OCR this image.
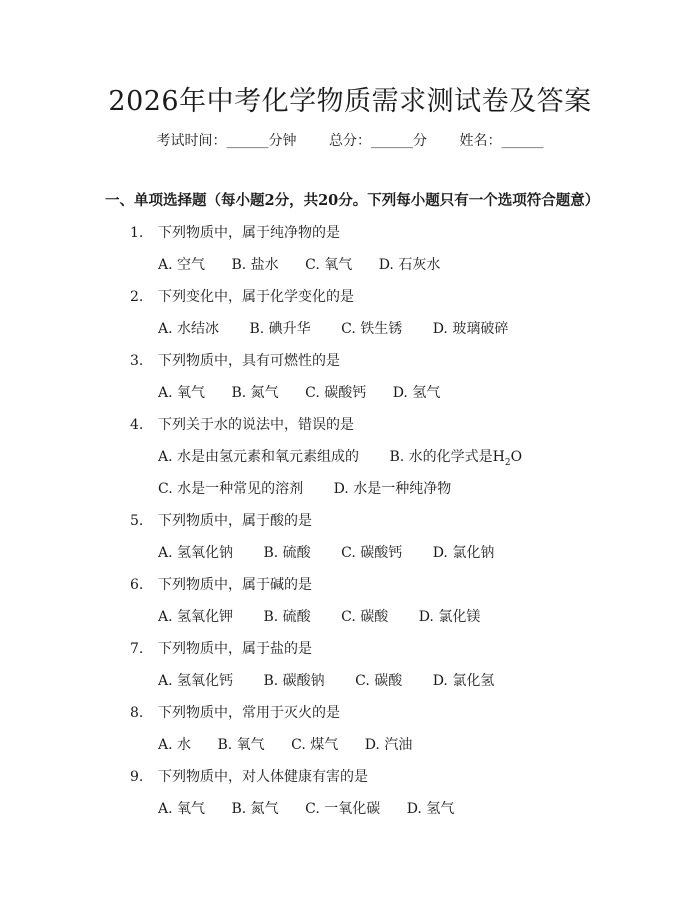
2026年中考化学物质需求测试卷及答案
考试时间：______分钟 总分：______分 姓名：______
一、单项选择题（每小题2分，共20分。下列每小题只有一个选项符合题意）
1. 下列物质中，属于纯净物的是
A. 空气 B. 盐水 C. 氧气 D. 石灰水
2. 下列变化中，属于化学变化的是
A. 水结冰 B. 碘升华 C. 铁生锈 D. 玻璃破碎
3. 下列物质中，具有可燃性的是
A. 氧气 B. 氮气 C. 碳酸钙 D. 氢气
4. 下列关于水的说法中，错误的是
A. 水是由氢元素和氧元素组成的 B. 水的化学式是$H_2O$
C. 水是一种常见的溶剂 D. 水是一种纯净物
5. 下列物质中，属于酸的是
A. 氢氧化钠 B. 硫酸 C. 碳酸钙 D. 氯化钠
6. 下列物质中，属于碱的是
A. 氢氧化钾 B. 硫酸 C. 碳酸 D. 氯化镁
7. 下列物质中，属于盐的是
A. 氢氧化钙 B. 碳酸钠 C. 碳酸 D. 氯化氢
8. 下列物质中，常用于灭火的是
A. 水 B. 氧气 C. 煤气 D. 汽油
9. 下列物质中，对人体健康有害的是
A. 氧气 B. 氮气 C. 一氧化碳 D. 氢气
